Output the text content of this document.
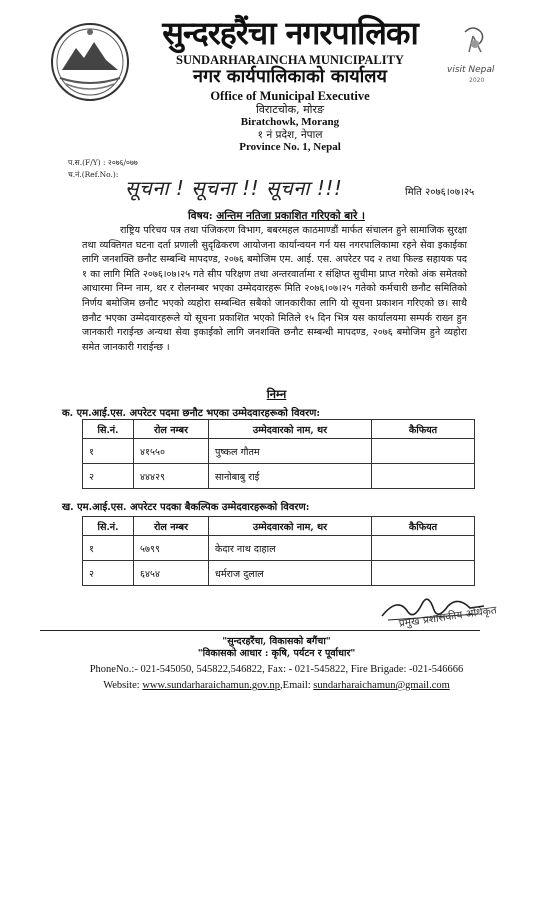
सुन्दरहरैंचा नगरपालिका
SUNDARHARAINCHA MUNICIPALITY
नगर कार्यपालिकाको कार्यालय
Office of Municipal Executive
विराटचोक, मोरङ
Biratchowk, Morang
१ नं प्रदेश, नेपाल
Province No. 1, Nepal
visit Nepal
2020
प.स.(F/Y) : २०७६/०७७
च.नं.(Ref.No.):
सूचना ! सूचना !! सूचना !!!	मिति २०७६।०७।२५
विषय: अन्तिम नतिजा प्रकाशित गरिएको बारे ।
राष्ट्रिय परिचय पत्र तथा पंजिकरण विभाग, बबरमहल काठमाण्डौं मार्फत संचालन हुने सामाजिक सुरक्षा तथा व्यक्तिगत घटना दर्ता प्रणाली सुदृढिकरण आयोजना कार्यान्वयन गर्न यस नगरपालिकामा रहने सेवा इकाईका लागि जनशक्ति छनौट सम्बन्धि मापदण्ड, २०७६ बमोजिम एम. आई. एस. अपरेटर पद २ तथा फिल्ड सहायक पद १ का लागि मिति २०७६।०७।२५ गते सीप परिक्षण तथा अन्तरवार्तामा र संक्षिप्त सुचीमा प्राप्त गरेको अंक समेतको आधारमा निम्न नाम, थर र रोलनम्बर भएका उम्मेदवारहरू मिति २०७६।०७।२५ गतेको कर्मचारी छनौट समितिको निर्णय बमोजिम छनौट भएको व्यहोरा सम्बन्धित सबैको जानकारीका लागि यो सूचना प्रकाशन गरिएको छ। साथै छनौट भएका उम्मेदवारहरूले यो सूचना प्रकाशित भएको मितिले १५ दिन भित्र यस कार्यालयमा सम्पर्क राख्न हुन जानकारी गराईन्छ अन्यथा सेवा इकाईको लागि जनशक्ति छनौट सम्बन्धी मापदण्ड, २०७६ बमोजिम हुने व्यहोरा समेत जानकारी गराईन्छ ।
निम्न
क. एम.आई.एस. अपरेटर पदमा छनौट भएका उम्मेदवारहरूको विवरण:
सि.नं.	रोल नम्बर	उम्मेदवारको नाम, थर	कैफियत
१	४१५५०	पुष्कल गौतम	
२	४४४२९	सानोबाबु राई	
ख. एम.आई.एस. अपरेटर पदका बैकल्पिक उम्मेदवारहरूको विवरण:
सि.नं.	रोल नम्बर	उम्मेदवारको नाम, थर	कैफियत
१	५७९९	केदार नाथ दाहाल	
२	६४५४	धर्मराज दुलाल	
प्रमुख प्रशासकीय अधिकृत
"सुन्दरहरैंचा, विकासको बगैंचा"
"विकासको आधार : कृषि, पर्यटन र पूर्वाधार"
PhoneNo.:- 021-545050, 545822,546822, Fax: - 021-545822, Fire Brigade: -021-546666
Website: www.sundarharaichamun.gov.np,Email: sundarharaichamun@gmail.com
